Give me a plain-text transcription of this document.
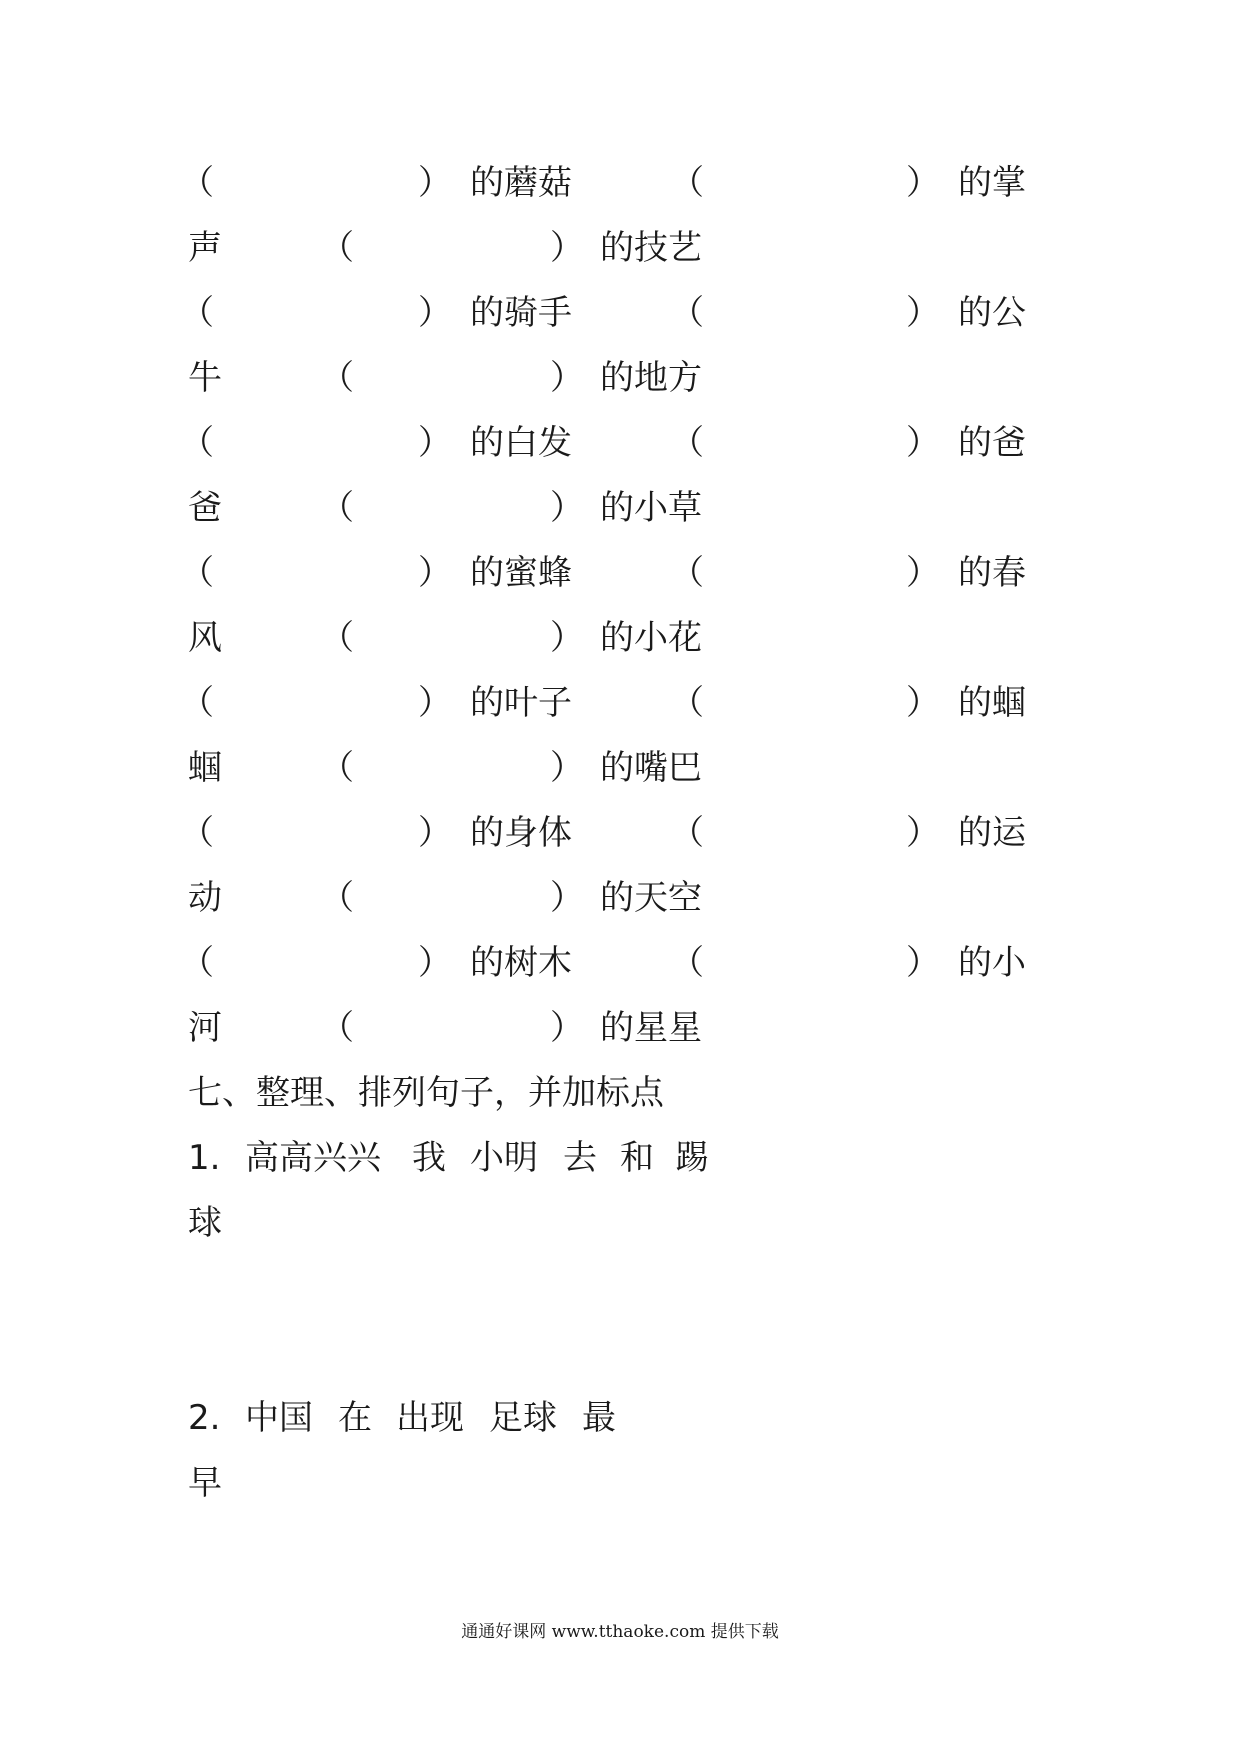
（	） 的蘑菇	（	） 的掌
声	（	） 的技艺
（	） 的骑手	（	） 的公
牛	（	） 的地方
（	） 的白发	（	） 的爸
爸	（	） 的小草
（	） 的蜜蜂	（	） 的春
风	（	） 的小花
（	） 的叶子	（	） 的蝈
蝈	（	） 的嘴巴
（	） 的身体	（	） 的运
动	（	） 的天空
（	） 的树木	（	） 的小
河	（	） 的星星
七、整理、排列句子，并加标点
1. 高高兴兴 我 小明 去 和 踢
球
2. 中国 在 出现 足球 最
早
通通好课网 www.tthaoke.com 提供下载
